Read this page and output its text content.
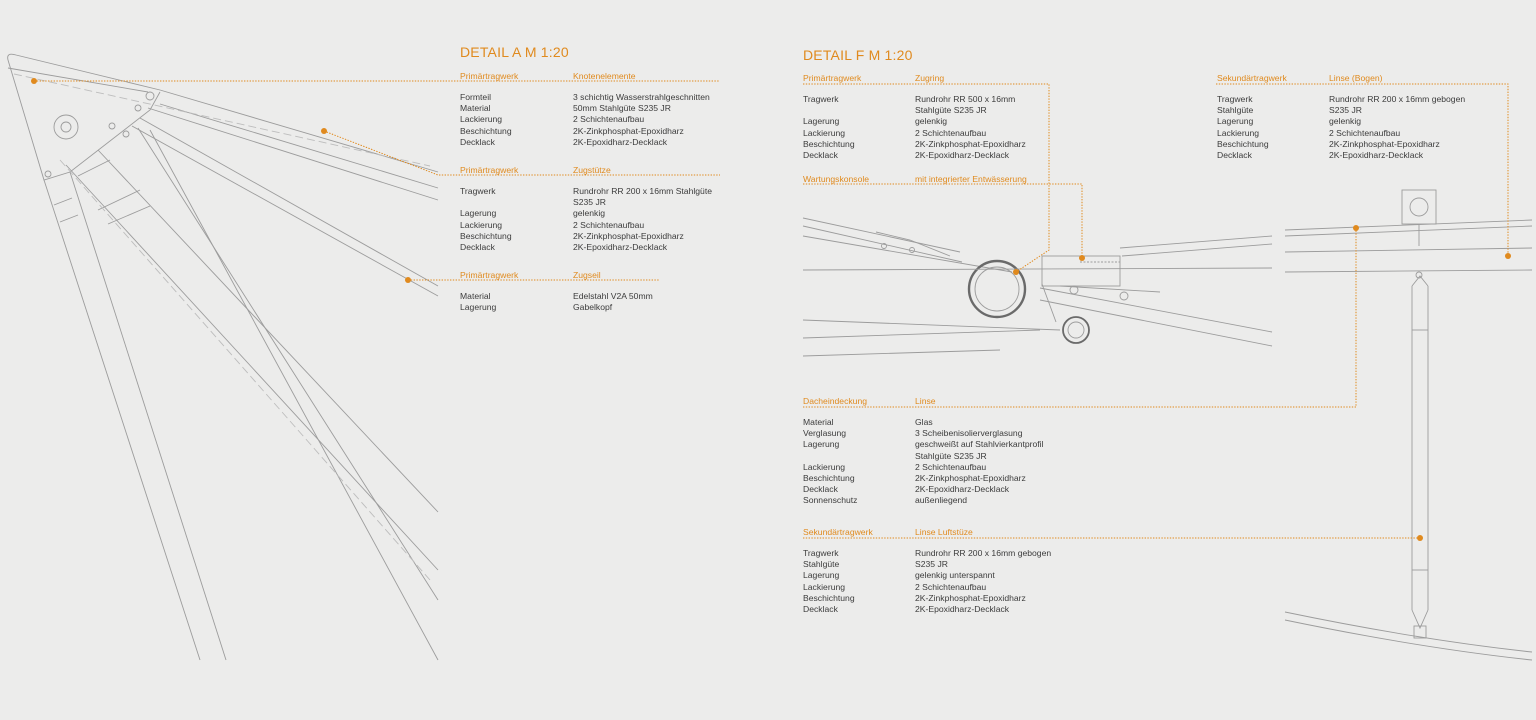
DETAIL A M 1:20
Primärtragwerk	Knotenelemente
Formteil	3 schichtig Wasserstrahlgeschnitten
Material	50mm Stahlgüte S235 JR
Lackierung	2 Schichtenaufbau
Beschichtung	2K-Zinkphosphat-Epoxidharz
Decklack	2K-Epoxidharz-Decklack
Primärtragwerk	Zugstütze
Tragwerk	Rundrohr RR 200 x 16mm Stahlgüte
S235 JR
Lagerung	gelenkig
Lackierung	2 Schichtenaufbau
Beschichtung	2K-Zinkphosphat-Epoxidharz
Decklack	2K-Epoxidharz-Decklack
Primärtragwerk	Zugseil
Material	Edelstahl V2A 50mm
Lagerung	Gabelkopf
DETAIL F M 1:20
Primärtragwerk	Zugring
Tragwerk	Rundrohr RR 500 x 16mm
Stahlgüte S235 JR
Lagerung	gelenkig
Lackierung	2 Schichtenaufbau
Beschichtung	2K-Zinkphosphat-Epoxidharz
Decklack	2K-Epoxidharz-Decklack
Wartungskonsole	mit integrierter Entwässerung
Sekundärtragwerk	Linse (Bogen)
Tragwerk	Rundrohr RR 200 x 16mm gebogen
Stahlgüte	S235 JR
Lagerung	gelenkig
Lackierung	2 Schichtenaufbau
Beschichtung	2K-Zinkphosphat-Epoxidharz
Decklack	2K-Epoxidharz-Decklack
Dacheindeckung	Linse
Material	Glas
Verglasung	3 Scheibenisolierverglasung
Lagerung	geschweißt auf Stahlvierkantprofil
Stahlgüte S235 JR
Lackierung	2 Schichtenaufbau
Beschichtung	2K-Zinkphosphat-Epoxidharz
Decklack	2K-Epoxidharz-Decklack
Sonnenschutz	außenliegend
Sekundärtragwerk	Linse Luftstüze
Tragwerk	Rundrohr RR 200 x 16mm gebogen
Stahlgüte	S235 JR
Lagerung	gelenkig unterspannt
Lackierung	2 Schichtenaufbau
Beschichtung	2K-Zinkphosphat-Epoxidharz
Decklack	2K-Epoxidharz-Decklack
